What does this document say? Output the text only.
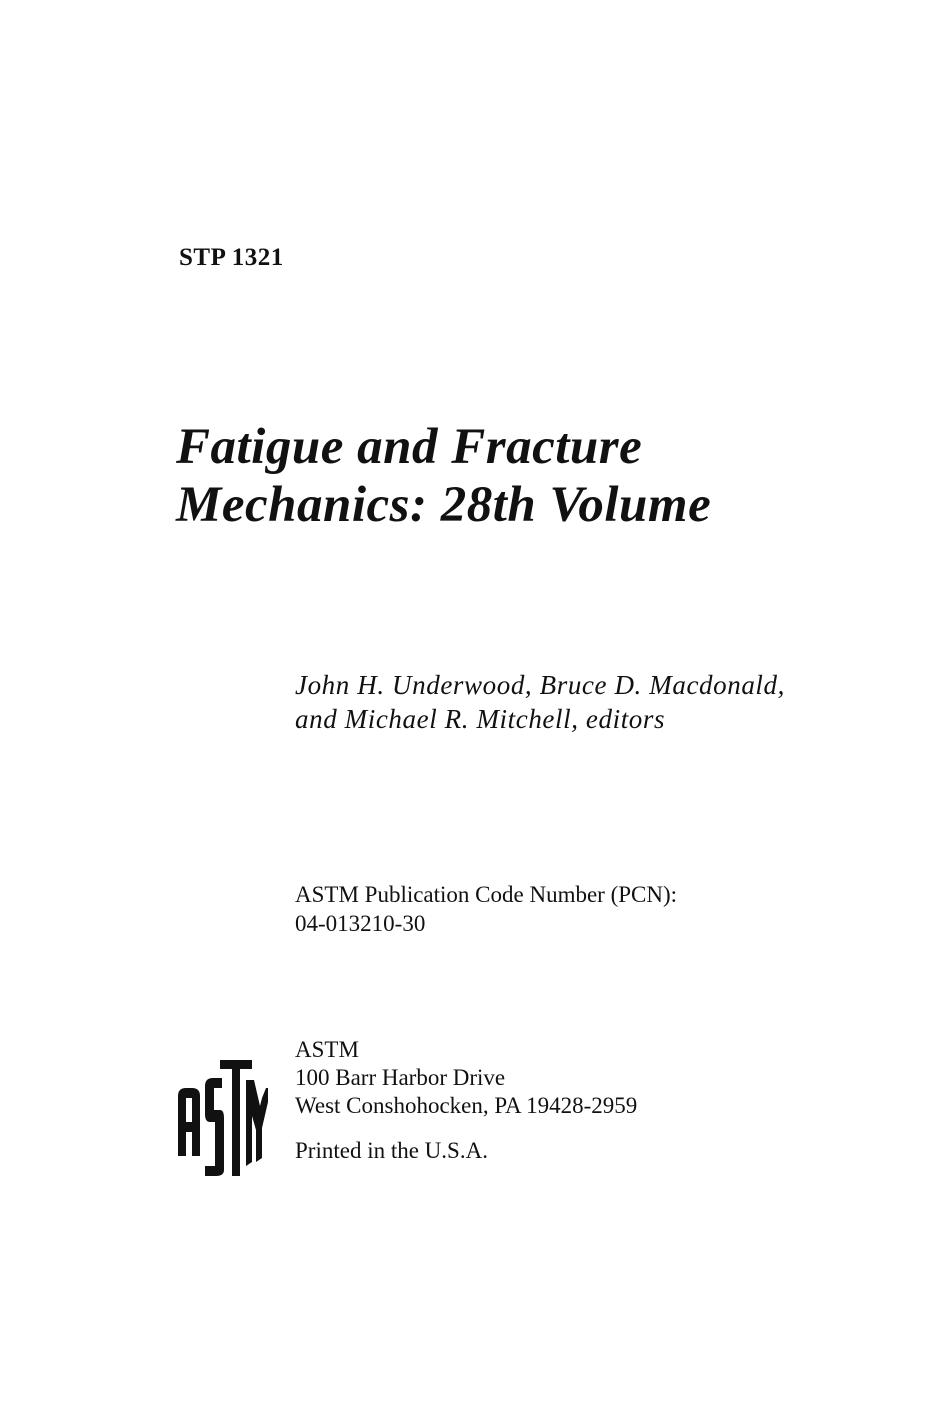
STP 1321
Fatigue and Fracture
Mechanics: 28th Volume
John H. Underwood, Bruce D. Macdonald,
and Michael R. Mitchell, editors
ASTM Publication Code Number (PCN):
04-013210-30
ASTM
100 Barr Harbor Drive
West Conshohocken, PA 19428-2959
Printed in the U.S.A.
